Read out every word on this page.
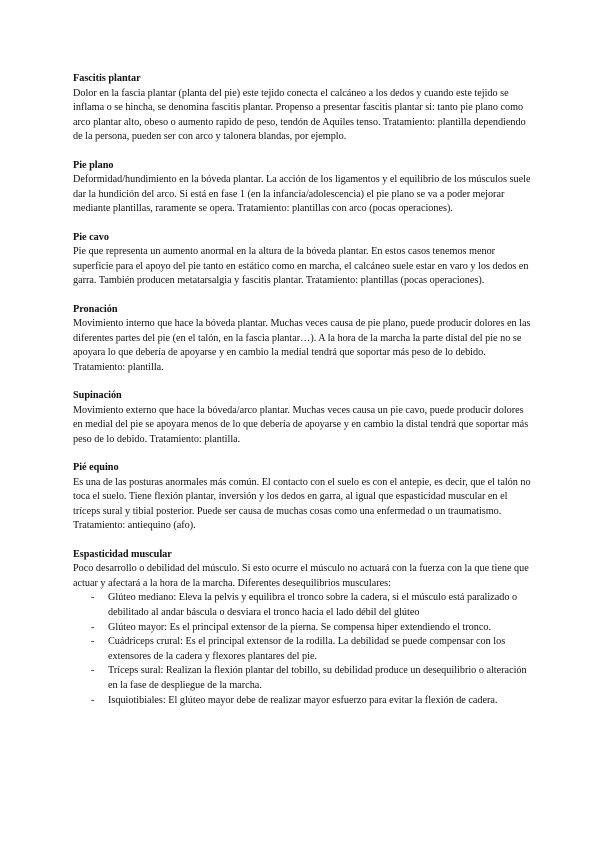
Fascitis plantar

Dolor en la fascia plantar (planta del pie) este tejido conecta el calcáneo a los dedos y cuando este tejido se inflama o se hincha, se denomina fascitis plantar. Propenso a presentar fascitis plantar si: tanto pie plano como arco plantar alto, obeso o aumento rapido de peso, tendón de Aquiles tenso. Tratamiento: plantilla dependiendo de la persona, pueden ser con arco y talonera blandas, por ejemplo.

Pie plano

Deformidad/hundimiento en la bóveda plantar. La acción de los ligamentos y el equilibrio de los músculos suele dar la hundición del arco. Si está en fase 1 (en la infancia/adolescencia) el pie plano se va a poder mejorar mediante plantillas, raramente se opera. Tratamiento: plantillas con arco (pocas operaciones).

Pie cavo

Pie que representa un aumento anormal en la altura de la bóveda plantar. En estos casos tenemos menor superficie para el apoyo del pie tanto en estático como en marcha, el calcáneo suele estar en varo y los dedos en garra. También producen metatarsalgia y fascitis plantar. Tratamiento: plantillas (pocas operaciones).

Pronación

Movimiento interno que hace la bóveda plantar. Muchas veces causa de pie plano, puede producir dolores en las diferentes partes del pie (en el talón, en la fascia plantar…). A la hora de la marcha la parte distal del pie no se apoyara lo que debería de apoyarse y en cambio la medial tendrá que soportar más peso de lo debido. Tratamiento: plantilla.

Supinación

Movimiento externo que hace la bóveda/arco plantar. Muchas veces causa un pie cavo, puede producir dolores en medial del pie se apoyara menos de lo que debería de apoyarse y en cambio la distal tendrá que soportar más peso de lo debido. Tratamiento: plantilla.

Pié equino

Es una de las posturas anormales más común. El contacto con el suelo es con el antepie, es decir, que el talón no toca el suelo. Tiene flexión plantar, inversión y los dedos en garra, al igual que espasticidad muscular en el tríceps sural y tibial posterior. Puede ser causa de muchas cosas como una enfermedad o un traumatismo. Tratamiento: antiequino (afo).

Espasticidad muscular

Poco desarrollo o debilidad del músculo. Si esto ocurre el músculo no actuará con la fuerza con la que tiene que actuar y afectará a la hora de la marcha. Diferentes desequilibrios musculares:

- Glúteo mediano: Eleva la pelvis y equilibra el tronco sobre la cadera, si el músculo está paralizado o debilitado al andar báscula o desviara el tronco hacia el lado débil del glúteo
- Glúteo mayor: Es el principal extensor de la pierna. Se compensa hiper extendiendo el tronco.
- Cuádriceps crural: Es el principal extensor de la rodilla. La debilidad se puede compensar con los extensores de la cadera y flexores plantares del pie.
- Tríceps sural: Realizan la flexión plantar del tobillo, su debilidad produce un desequilibrio o alteración en la fase de despliegue de la marcha.
- Isquiotibiales: El glúteo mayor debe de realizar mayor esfuerzo para evitar la flexión de cadera.
